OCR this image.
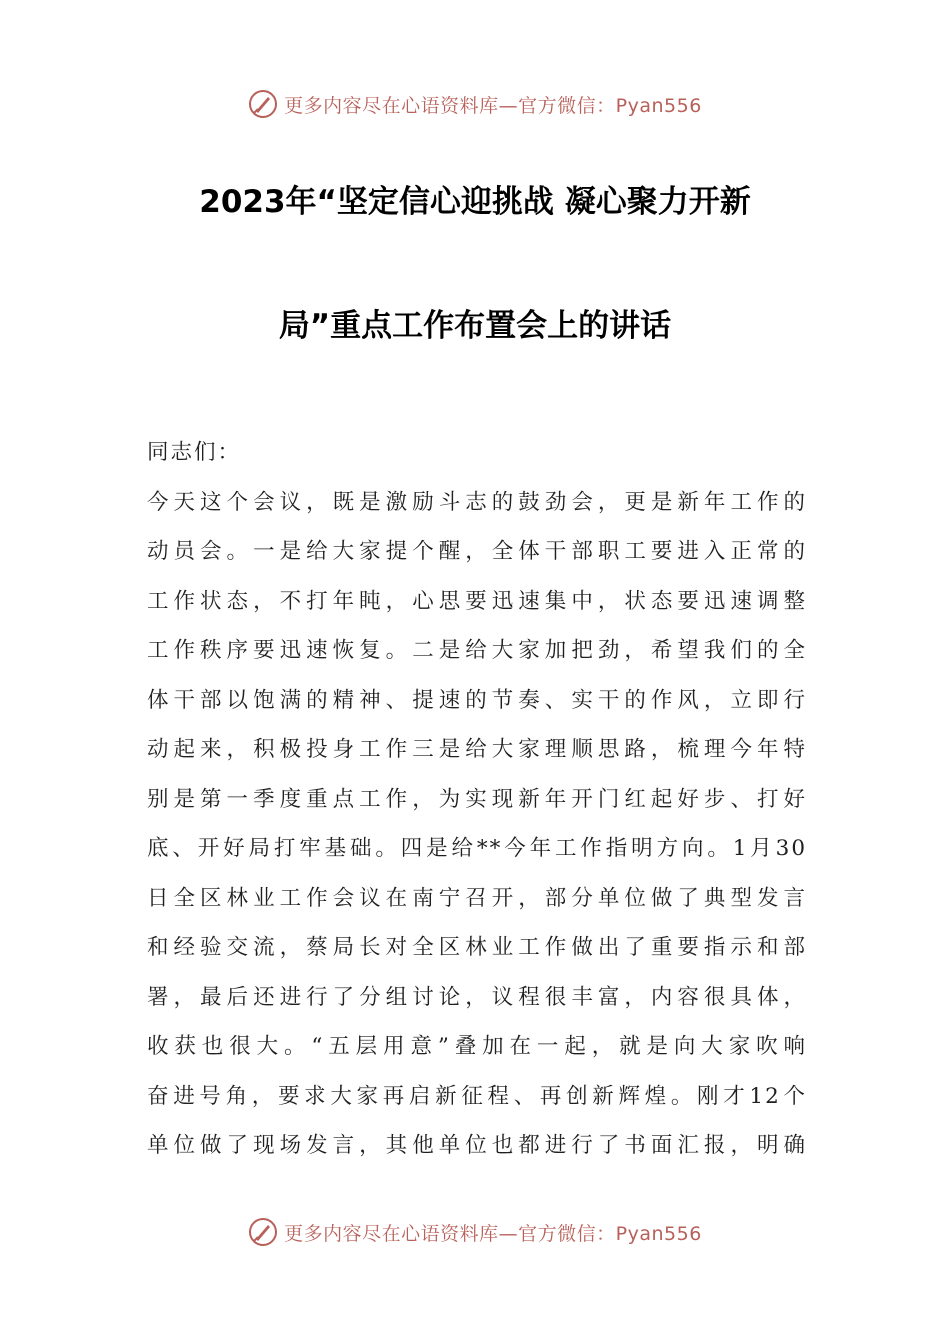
更多内容尽在心语资料库—官方微信：Pyan556
2023年“坚定信心迎挑战 凝心聚力开新
局”重点工作布置会上的讲话
同志们：
今天这个会议，既是激励斗志的鼓劲会，更是新年工作的
动员会。一是给大家提个醒，全体干部职工要进入正常的
工作状态，不打年盹，心思要迅速集中，状态要迅速调整
工作秩序要迅速恢复。二是给大家加把劲，希望我们的全
体干部以饱满的精神、提速的节奏、实干的作风，立即行
动起来，积极投身工作三是给大家理顺思路，梳理今年特
别是第一季度重点工作，为实现新年开门红起好步、打好
底、开好局打牢基础。四是给**今年工作指明方向。1月30
日全区林业工作会议在南宁召开，部分单位做了典型发言
和经验交流，蔡局长对全区林业工作做出了重要指示和部
署，最后还进行了分组讨论，议程很丰富，内容很具体，
收获也很大。“五层用意”叠加在一起，就是向大家吹响
奋进号角，要求大家再启新征程、再创新辉煌。刚才12个
单位做了现场发言，其他单位也都进行了书面汇报，明确
更多内容尽在心语资料库—官方微信：Pyan556
